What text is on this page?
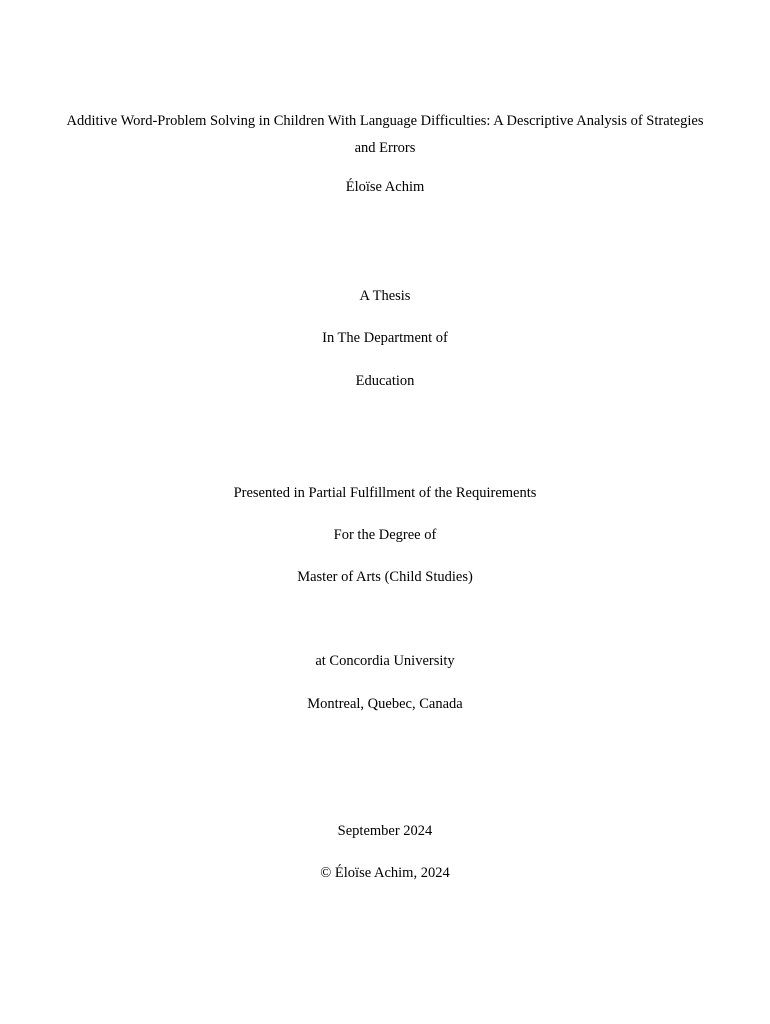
Additive Word-Problem Solving in Children With Language Difficulties: A Descriptive Analysis of Strategies and Errors
Éloïse Achim
A Thesis
In The Department of
Education
Presented in Partial Fulfillment of the Requirements
For the Degree of
Master of Arts (Child Studies)
at Concordia University
Montreal, Quebec, Canada
September 2024
© Éloïse Achim, 2024
